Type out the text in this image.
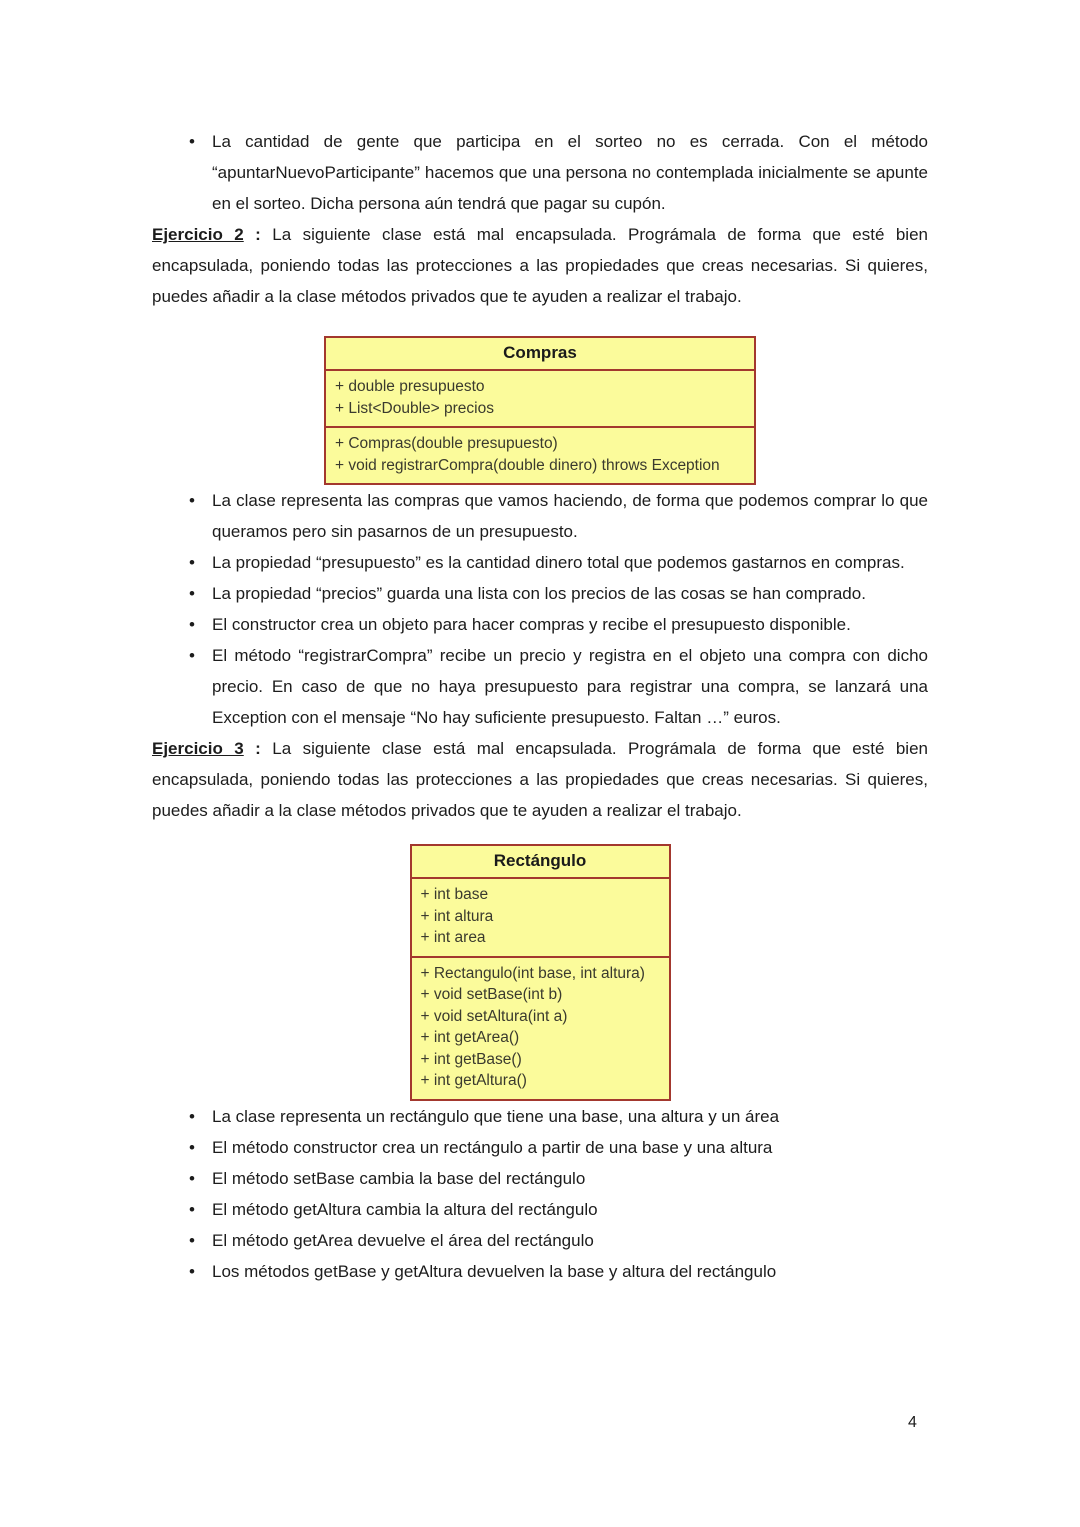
• La cantidad de gente que participa en el sorteo no es cerrada. Con el método “apuntarNuevoParticipante” hacemos que una persona no contemplada inicialmente se apunte en el sorteo. Dicha persona aún tendrá que pagar su cupón.

Ejercicio 2 : La siguiente clase está mal encapsulada. Prográmala de forma que esté bien encapsulada, poniendo todas las protecciones a las propiedades que creas necesarias. Si quieres, puedes añadir a la clase métodos privados que te ayuden a realizar el trabajo.

Compras
+ double presupuesto
+ List<Double> precios
+ Compras(double presupuesto)
+ void registrarCompra(double dinero) throws Exception
• La clase representa las compras que vamos haciendo, de forma que podemos comprar lo que queramos pero sin pasarnos de un presupuesto.
• La propiedad “presupuesto” es la cantidad dinero total que podemos gastarnos en compras.
• La propiedad “precios” guarda una lista con los precios de las cosas se han comprado.
• El constructor crea un objeto para hacer compras y recibe el presupuesto disponible.
• El método “registrarCompra” recibe un precio y registra en el objeto una compra con dicho precio. En caso de que no haya presupuesto para registrar una compra, se lanzará una Exception con el mensaje “No hay suficiente presupuesto. Faltan …” euros.

Ejercicio 3 : La siguiente clase está mal encapsulada. Prográmala de forma que esté bien encapsulada, poniendo todas las protecciones a las propiedades que creas necesarias. Si quieres, puedes añadir a la clase métodos privados que te ayuden a realizar el trabajo.

Rectángulo
+ int base
+ int altura
+ int area
+ Rectangulo(int base, int altura)
+ void setBase(int b)
+ void setAltura(int a)
+ int getArea()
+ int getBase()
+ int getAltura()
• La clase representa un rectángulo que tiene una base, una altura y un área
• El método constructor crea un rectángulo a partir de una base y una altura
• El método setBase cambia la base del rectángulo
• El método getAltura cambia la altura del rectángulo
• El método getArea devuelve el área del rectángulo
• Los métodos getBase y getAltura devuelven la base y altura del rectángulo
4
